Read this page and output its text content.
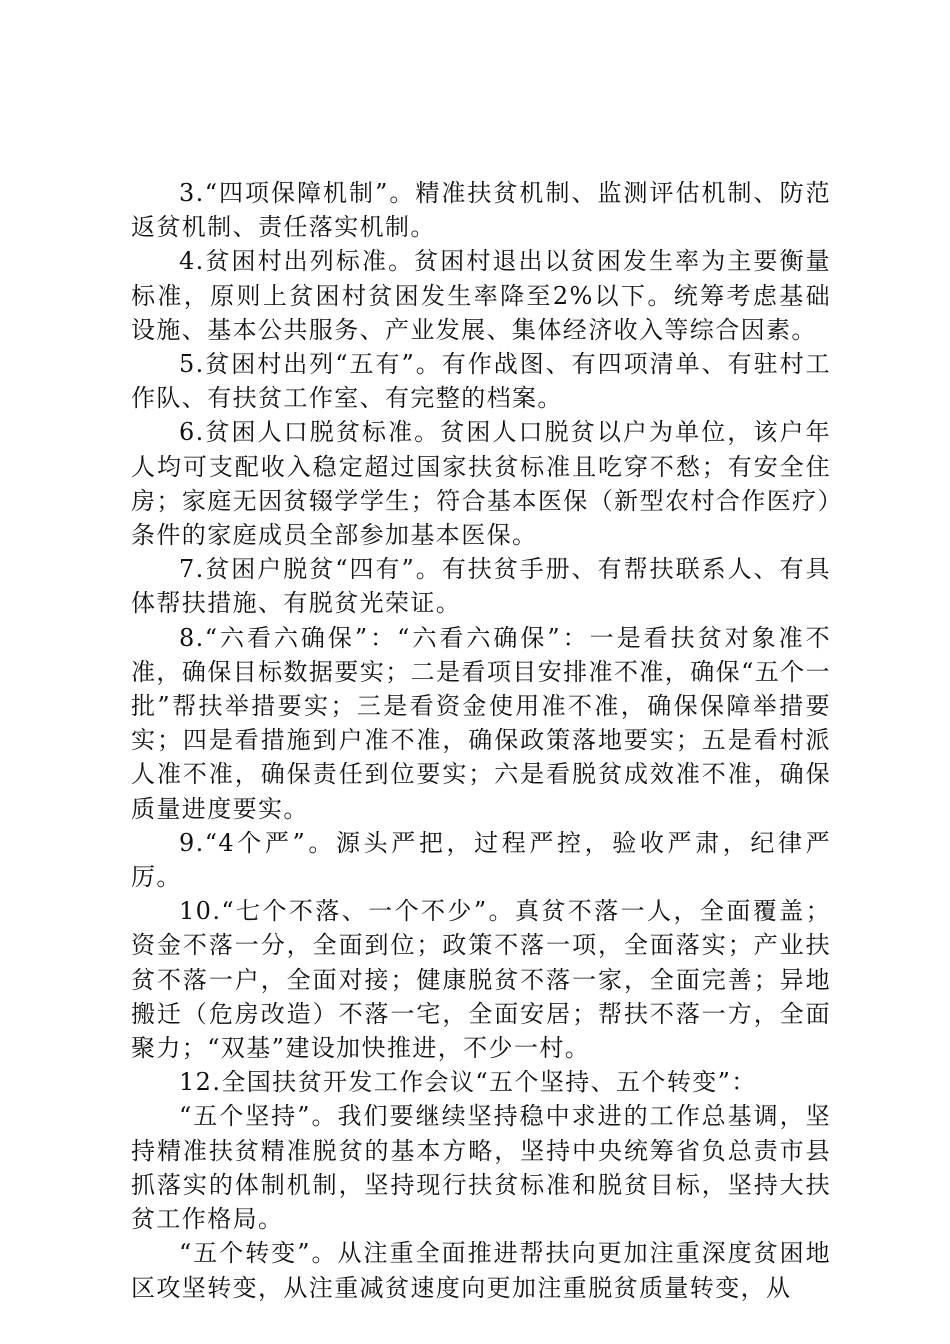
3.“四项保障机制”。精准扶贫机制、监测评估机制、防范返贫机制、责任落实机制。

4.贫困村出列标准。贫困村退出以贫困发生率为主要衡量标准，原则上贫困村贫困发生率降至2%以下。统筹考虑基础设施、基本公共服务、产业发展、集体经济收入等综合因素。

5.贫困村出列“五有”。有作战图、有四项清单、有驻村工作队、有扶贫工作室、有完整的档案。

6.贫困人口脱贫标准。贫困人口脱贫以户为单位，该户年人均可支配收入稳定超过国家扶贫标准且吃穿不愁；有安全住房；家庭无因贫辍学学生；符合基本医保（新型农村合作医疗）条件的家庭成员全部参加基本医保。

7.贫困户脱贫“四有”。有扶贫手册、有帮扶联系人、有具体帮扶措施、有脱贫光荣证。

8.“六看六确保”：“六看六确保”：一是看扶贫对象准不准，确保目标数据要实；二是看项目安排准不准，确保“五个一批”帮扶举措要实；三是看资金使用准不准，确保保障举措要实；四是看措施到户准不准，确保政策落地要实；五是看村派人准不准，确保责任到位要实；六是看脱贫成效准不准，确保质量进度要实。

9.“4个严”。源头严把，过程严控，验收严肃，纪律严厉。

10.“七个不落、一个不少”。真贫不落一人，全面覆盖；资金不落一分，全面到位；政策不落一项，全面落实；产业扶贫不落一户，全面对接；健康脱贫不落一家，全面完善；异地搬迁（危房改造）不落一宅，全面安居；帮扶不落一方，全面聚力；“双基”建设加快推进，不少一村。

12.全国扶贫开发工作会议“五个坚持、五个转变”：

“五个坚持”。我们要继续坚持稳中求进的工作总基调，坚持精准扶贫精准脱贫的基本方略，坚持中央统筹省负总责市县抓落实的体制机制，坚持现行扶贫标准和脱贫目标，坚持大扶贫工作格局。

“五个转变”。从注重全面推进帮扶向更加注重深度贫困地区攻坚转变，从注重减贫速度向更加注重脱贫质量转变，从
